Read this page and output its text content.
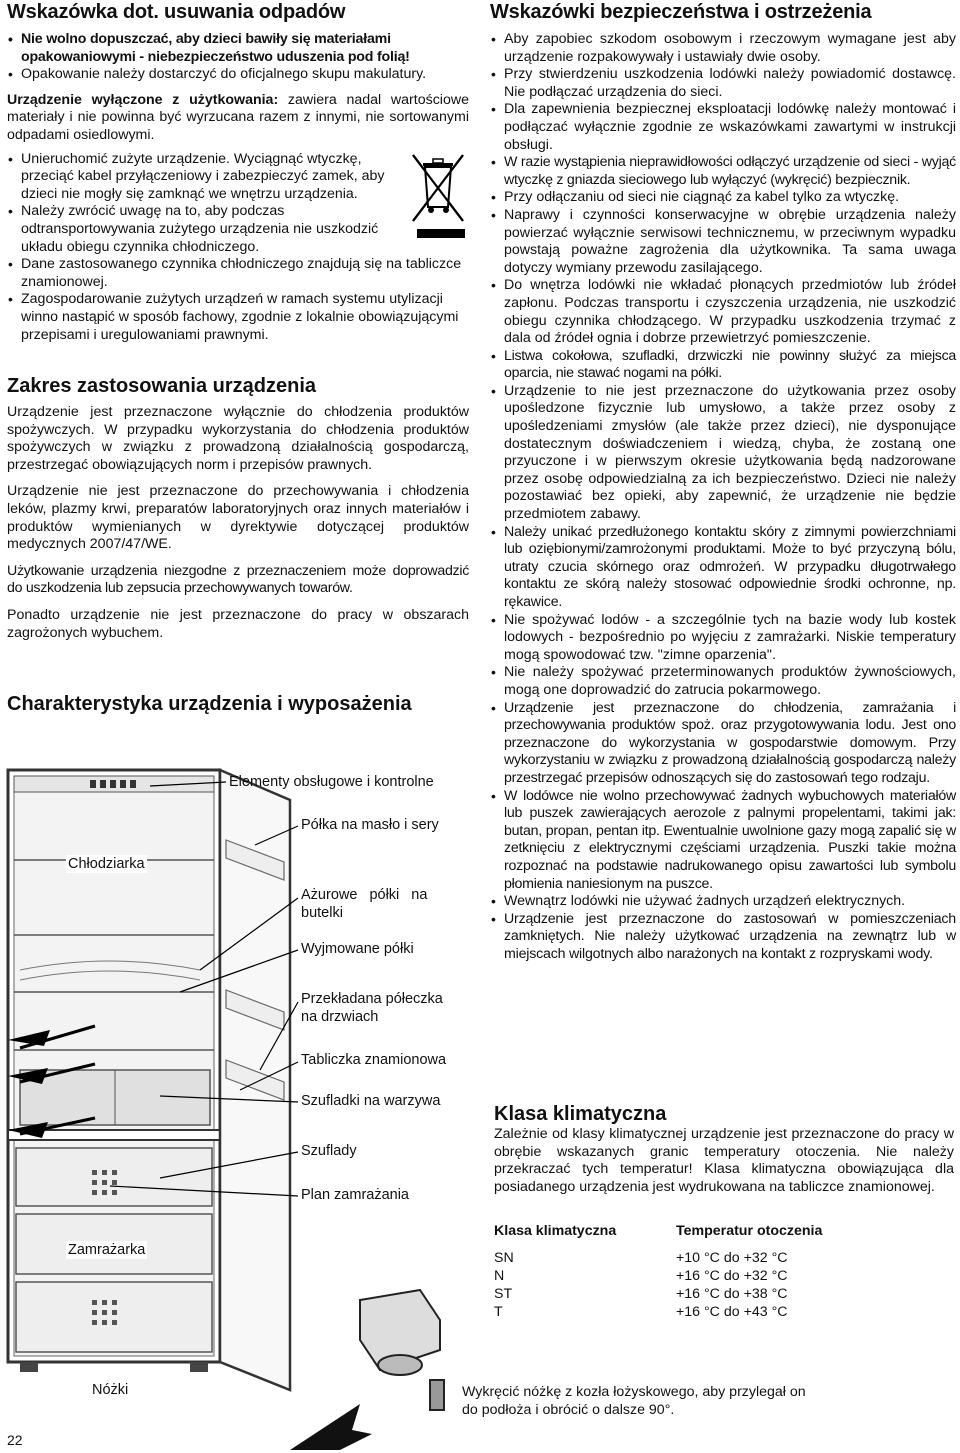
Wskazówka dot. usuwania odpadów
• Nie wolno dopuszczać, aby dzieci bawiły się materiałami opakowaniowymi - niebezpieczeństwo uduszenia pod folią!
• Opakowanie należy dostarczyć do oficjalnego skupu makulatury.

Urządzenie wyłączone z użytkowania: zawiera nadal wartościowe materiały i nie powinna być wyrzucana razem z innymi, nie sortowanymi odpadami osiedlowymi.

• Unieruchomić zużyte urządzenie. Wyciągnąć wtyczkę, przeciąć kabel przyłączeniowy i zabezpieczyć zamek, aby dzieci nie mogły się zamknąć we wnętrzu urządzenia.
• Należy zwrócić uwagę na to, aby podczas odtransportowywania zużytego urządzenia nie uszkodzić układu obiegu czynnika chłodniczego.
• Dane zastosowanego czynnika chłodniczego znajdują się na tabliczce znamionowej.
• Zagospodarowanie zużytych urządzeń w ramach systemu utylizacji winno nastąpić w sposób fachowy, zgodnie z lokalnie obowiązującymi przepisami i uregulowaniami prawnymi.
Zakres zastosowania urządzenia

Urządzenie jest przeznaczone wyłącznie do chłodzenia produktów spożywczych. W przypadku wykorzystania do chłodzenia produktów spożywczych w związku z prowadzoną działalnością gospodarczą, przestrzegać obowiązujących norm i przepisów prawnych.

Urządzenie nie jest przeznaczone do przechowywania i chłodzenia leków, plazmy krwi, preparatów laboratoryjnych oraz innych materiałów i produktów wymienianych w dyrektywie dotyczącej produktów medycznych 2007/47/WE.

Użytkowanie urządzenia niezgodne z przeznaczeniem może doprowadzić do uszkodzenia lub zepsucia przechowywanych towarów.

Ponadto urządzenie nie jest przeznaczone do pracy w obszarach zagrożonych wybuchem.

Charakterystyka urządzenia i wyposażenia
Elementy obsługowe i kontrolne
Półka na masło i sery
Chłodziarka
Ażurowe półki na
butelki
Wyjmowane półki
Przekładana półeczka
na drzwiach
Tabliczka znamionowa
Szufladki na warzywa
Szuflady
Plan zamrażania
Zamrażarka
Nóżki	Wykręcić nóżkę z kozła łożyskowego, aby przylegał on do podłoża i obrócić o dalsze 90°.
Wskazówki bezpieczeństwa i ostrzeżenia
• Aby zapobiec szkodom osobowym i rzeczowym wymagane jest aby urządzenie rozpakowywały i ustawiały dwie osoby.
• Przy stwierdzeniu uszkodzenia lodówki należy powiadomić dostawcę. Nie podłączać urządzenia do sieci.
• Dla zapewnienia bezpiecznej eksploatacji lodówkę należy montować i podłączać wyłącznie zgodnie ze wskazówkami zawartymi w instrukcji obsługi.
• W razie wystąpienia nieprawidłowości odłączyć urządzenie od sieci - wyjąć wtyczkę z gniazda sieciowego lub wyłączyć (wykręcić) bezpiecznik.
• Przy odłączaniu od sieci nie ciągnąć za kabel tylko za wtyczkę.
• Naprawy i czynności konserwacyjne w obrębie urządzenia należy powierzać wyłącznie serwisowi technicznemu, w przeciwnym wypadku powstają poważne zagrożenia dla użytkownika. Ta sama uwaga dotyczy wymiany przewodu zasilającego.
• Do wnętrza lodówki nie wkładać płonących przedmiotów lub źródeł zapłonu. Podczas transportu i czyszczenia urządzenia, nie uszkodzić obiegu czynnika chłodzącego. W przypadku uszkodzenia trzymać z dala od źródeł ognia i dobrze przewietrzyć pomieszczenie.
• Listwa cokołowa, szufladki, drzwiczki nie powinny służyć za miejsca oparcia, nie stawać nogami na półki.
• Urządzenie to nie jest przeznaczone do użytkowania przez osoby upośledzone fizycznie lub umysłowo, a także przez osoby z upośledzeniami zmysłów (ale także przez dzieci), nie dysponujące dostatecznym doświadczeniem i wiedzą, chyba, że zostaną one przyuczone i w pierwszym okresie użytkowania będą nadzorowane przez osobę odpowiedzialną za ich bezpieczeństwo. Dzieci nie należy pozostawiać bez opieki, aby zapewnić, że urządzenie nie będzie przedmiotem zabawy.
• Należy unikać przedłużonego kontaktu skóry z zimnymi powierzchniami lub oziębionymi/zamrożonymi produktami. Może to być przyczyną bólu, utraty czucia skórnego oraz odmrożeń. W przypadku długotrwałego kontaktu ze skórą należy stosować odpowiednie środki ochronne, np. rękawice.
• Nie spożywać lodów - a szczególnie tych na bazie wody lub kostek lodowych - bezpośrednio po wyjęciu z zamrażarki. Niskie temperatury mogą spowodować tzw. "zimne oparzenia".
• Nie należy spożywać przeterminowanych produktów żywnościowych, mogą one doprowadzić do zatrucia pokarmowego.
• Urządzenie jest przeznaczone do chłodzenia, zamrażania i przechowywania produktów spoż. oraz przygotowywania lodu. Jest ono przeznaczone do wykorzystania w gospodarstwie domowym. Przy wykorzystaniu w związku z prowadzoną działalnością gospodarczą należy przestrzegać przepisów odnoszących się do zastosowań tego rodzaju.
• W lodówce nie wolno przechowywać żadnych wybuchowych materiałów lub puszek zawierających aerozole z palnymi propelentami, takimi jak: butan, propan, pentan itp. Ewentualnie uwolnione gazy mogą zapalić się w zetknięciu z elektrycznymi częściami urządzenia. Puszki takie można rozpoznać na podstawie nadrukowanego opisu zawartości lub symbolu płomienia naniesionym na puszce.
• Wewnątrz lodówki nie używać żadnych urządzeń elektrycznych.
• Urządzenie jest przeznaczone do zastosowań w pomieszczeniach zamkniętych. Nie należy użytkować urządzenia na zewnątrz lub w miejscach wilgotnych albo narażonych na kontakt z rozpryskami wody.
Klasa klimatyczna

Zależnie od klasy klimatycznej urządzenie jest przeznaczone do pracy w obrębie wskazanych granic temperatury otoczenia. Nie należy przekraczać tych temperatur! Klasa klimatyczna obowiązująca dla posiadanego urządzenia jest wydrukowana na tabliczce znamionowej.

Klasa klimatyczna	Temperatur otoczenia
SN	+10 °C do +32 °C
N	+16 °C do +32 °C
ST	+16 °C do +38 °C
T	+16 °C do +43 °C
22
